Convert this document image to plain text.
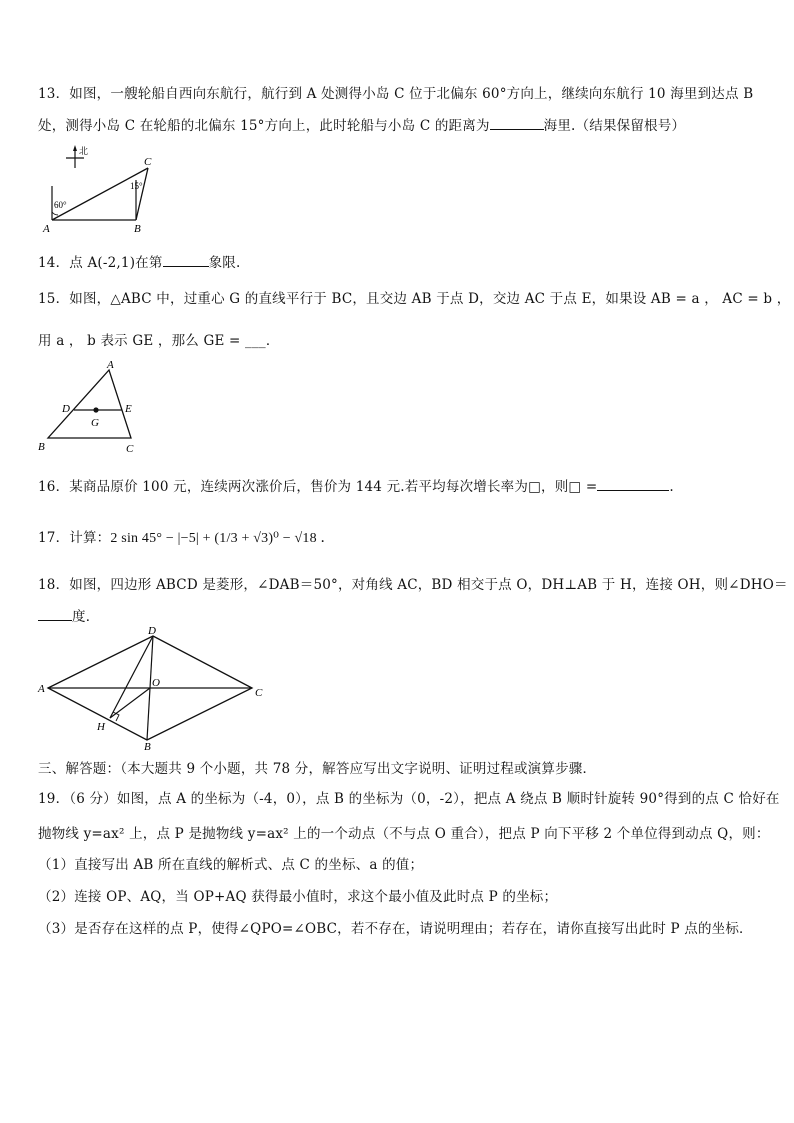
13．如图，一艘轮船自西向东航行，航行到 A 处测得小岛 C 位于北偏东 60°方向上，继续向东航行 10 海里到达点 B
处，测得小岛 C 在轮船的北偏东 15°方向上，此时轮船与小岛 C 的距离为	海里.（结果保留根号）
北
60°
15°
A	B
C
14．点 A(-2,1)在第	象限.
15．如图，△ABC 中，过重心 G 的直线平行于 BC，且交边 AB 于点 D，交边 AC 于点 E，如果设 AB = a ， AC = b ，
用 a ， b 表示 GE ，那么 GE = ___．
A
B	C
D	E
G
16．某商品原价 100 元，连续两次涨价后，售价为 144 元.若平均每次增长率为□，则□ =	.
17．计算：2 sin 45° − |−5| + (1/3 + √3)⁰ − √18 ．
18．如图，四边形 ABCD 是菱形，∠DAB＝50°，对角线 AC，BD 相交于点 O，DH⊥AB 于 H，连接 OH，则∠DHO＝
度．
A
B
C
D
O
H
三、解答题：（本大题共 9 个小题，共 78 分，解答应写出文字说明、证明过程或演算步骤．
19．（6 分）如图，点 A 的坐标为（-4，0），点 B 的坐标为（0，-2），把点 A 绕点 B 顺时针旋转 90°得到的点 C 恰好在
抛物线 y=ax² 上，点 P 是抛物线 y=ax² 上的一个动点（不与点 O 重合），把点 P 向下平移 2 个单位得到动点 Q，则：
（1）直接写出 AB 所在直线的解析式、点 C 的坐标、a 的值；
（2）连接 OP、AQ，当 OP+AQ 获得最小值时，求这个最小值及此时点 P 的坐标；
（3）是否存在这样的点 P，使得∠QPO=∠OBC，若不存在，请说明理由；若存在，请你直接写出此时 P 点的坐标．
